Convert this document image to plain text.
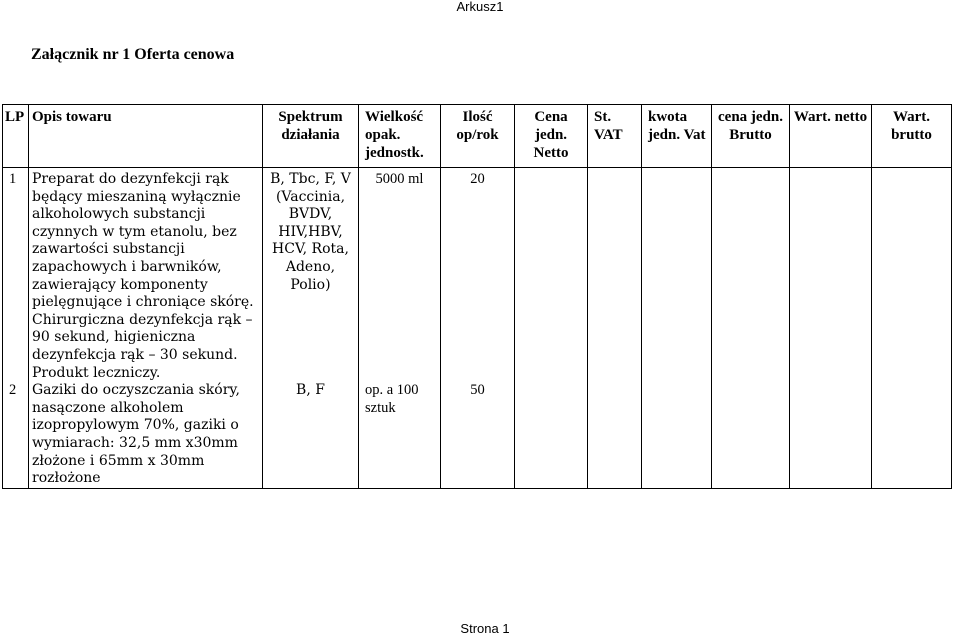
Arkusz1
Załącznik nr 1 Oferta cenowa
LP	Opis towaru	Spektrum działania	Wielkość opak. jednostk.	Ilość op/rok	Cena jedn. Netto	St. VAT	kwota jedn. Vat	cena jedn. Brutto	Wart. netto	Wart. brutto
1	Preparat do dezynfekcji rąk będący mieszaniną wyłącznie alkoholowych substancji czynnych w tym etanolu, bez zawartości substancji zapachowych i barwników, zawierający komponenty pielęgnujące i chroniące skórę. Chirurgiczna dezynfekcja rąk – 90 sekund, higieniczna dezynfekcja rąk – 30 sekund. Produkt leczniczy.	B, Tbc, F, V (Vaccinia, BVDV, HIV,HBV, HCV, Rota, Adeno, Polio)	5000 ml	20						
2	Gaziki do oczyszczania skóry, nasączone alkoholem izopropylowym 70%, gaziki o wymiarach: 32,5 mm x30mm złożone i 65mm x 30mm rozłożone	B, F	op. a 100 sztuk	50						
Strona 1
